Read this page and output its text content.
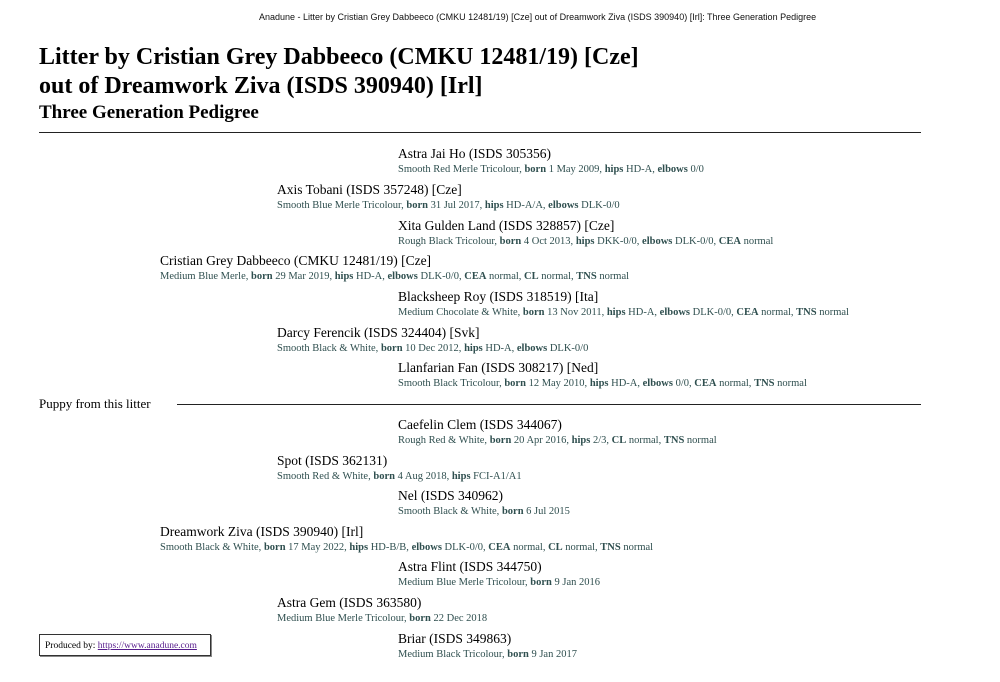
Anadune - Litter by Cristian Grey Dabbeeco (CMKU 12481/19) [Cze] out of Dreamwork Ziva (ISDS 390940) [Irl]: Three Generation Pedigree
Litter by Cristian Grey Dabbeeco (CMKU 12481/19) [Cze]
out of Dreamwork Ziva (ISDS 390940) [Irl]
Three Generation Pedigree
Astra Jai Ho (ISDS 305356)
Smooth Red Merle Tricolour, born 1 May 2009, hips HD-A, elbows 0/0
Axis Tobani (ISDS 357248) [Cze]
Smooth Blue Merle Tricolour, born 31 Jul 2017, hips HD-A/A, elbows DLK-0/0
Xita Gulden Land (ISDS 328857) [Cze]
Rough Black Tricolour, born 4 Oct 2013, hips DKK-0/0, elbows DLK-0/0, CEA normal
Cristian Grey Dabbeeco (CMKU 12481/19) [Cze]
Medium Blue Merle, born 29 Mar 2019, hips HD-A, elbows DLK-0/0, CEA normal, CL normal, TNS normal
Blacksheep Roy (ISDS 318519) [Ita]
Medium Chocolate & White, born 13 Nov 2011, hips HD-A, elbows DLK-0/0, CEA normal, TNS normal
Darcy Ferencik (ISDS 324404) [Svk]
Smooth Black & White, born 10 Dec 2012, hips HD-A, elbows DLK-0/0
Llanfarian Fan (ISDS 308217) [Ned]
Smooth Black Tricolour, born 12 May 2010, hips HD-A, elbows 0/0, CEA normal, TNS normal
Puppy from this litter
Caefelin Clem (ISDS 344067)
Rough Red & White, born 20 Apr 2016, hips 2/3, CL normal, TNS normal
Spot (ISDS 362131)
Smooth Red & White, born 4 Aug 2018, hips FCI-A1/A1
Nel (ISDS 340962)
Smooth Black & White, born 6 Jul 2015
Dreamwork Ziva (ISDS 390940) [Irl]
Smooth Black & White, born 17 May 2022, hips HD-B/B, elbows DLK-0/0, CEA normal, CL normal, TNS normal
Astra Flint (ISDS 344750)
Medium Blue Merle Tricolour, born 9 Jan 2016
Astra Gem (ISDS 363580)
Medium Blue Merle Tricolour, born 22 Dec 2018
Briar (ISDS 349863)
Medium Black Tricolour, born 9 Jan 2017
Produced by: https://www.anadune.com
